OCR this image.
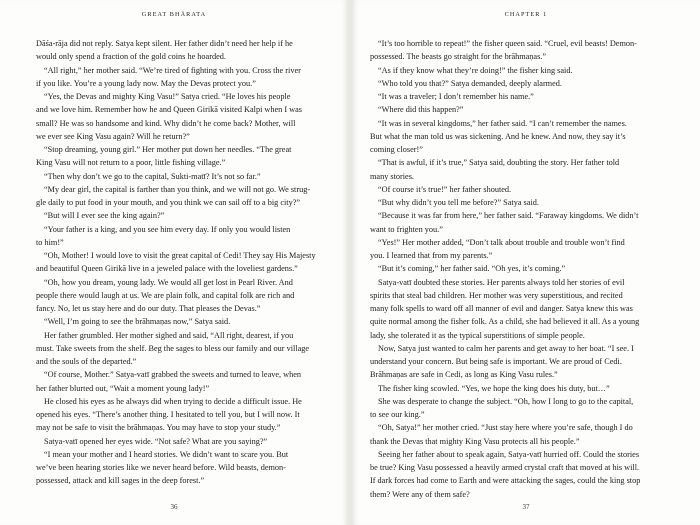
GREAT BHĀRATA
Dāśa-rāja did not reply. Satya kept silent. Her father didn’t need her help if he
would only spend a fraction of the gold coins he hoarded.
“All right,” her mother said. “We’re tired of fighting with you. Cross the river
if you like. You’re a young lady now. May the Devas protect you.”
“Yes, the Devas and mighty King Vasu!” Satya cried. “He loves his people
and we love him. Remember how he and Queen Girikā visited Kalpi when I was
small? He was so handsome and kind. Why didn’t he come back? Mother, will
we ever see King Vasu again? Will he return?”
“Stop dreaming, young girl.” Her mother put down her needles. “The great
King Vasu will not return to a poor, little fishing village.”
“Then why don’t we go to the capital, Sukti-matī? It’s not so far.”
“My dear girl, the capital is farther than you think, and we will not go. We strug-
gle daily to put food in your mouth, and you think we can sail off to a big city?”
“But will I ever see the king again?”
“Your father is a king, and you see him every day. If only you would listen
to him!”
“Oh, Mother! I would love to visit the great capital of Cedi! They say His Majesty
and beautiful Queen Girikā live in a jeweled palace with the loveliest gardens.”
“Oh, how you dream, young lady. We would all get lost in Pearl River. And
people there would laugh at us. We are plain folk, and capital folk are rich and
fancy. No, let us stay here and do our duty. That pleases the Devas.”
“Well, I’m going to see the brāhmaṇas now,” Satya said.
Her father grumbled. Her mother sighed and said, “All right, dearest, if you
must. Take sweets from the shelf. Beg the sages to bless our family and our village
and the souls of the departed.”
“Of course, Mother.” Satya-vatī grabbed the sweets and turned to leave, when
her father blurted out, “Wait a moment young lady!”
He closed his eyes as he always did when trying to decide a difficult issue. He
opened his eyes. “There’s another thing. I hesitated to tell you, but I will now. It
may not be safe to visit the brāhmaṇas. You may have to stop your study.”
Satya-vatī opened her eyes wide. “Not safe? What are you saying?”
“I mean your mother and I heard stories. We didn’t want to scare you. But
we’ve been hearing stories like we never heard before. Wild beasts, demon-
possessed, attack and kill sages in the deep forest.”
36
CHAPTER 1
“It’s too horrible to repeat!” the fisher queen said. “Cruel, evil beasts! Demon-
possessed. The beasts go straight for the brāhmaṇas.”
“As if they know what they’re doing!” the fisher king said.
“Who told you that?” Satya demanded, deeply alarmed.
“It was a traveler; I don’t remember his name.”
“Where did this happen?”
“It was in several kingdoms,” her father said. “I can’t remember the names.
But what the man told us was sickening. And he knew. And now, they say it’s
coming closer!”
“That is awful, if it’s true,” Satya said, doubting the story. Her father told
many stories.
“Of course it’s true!” her father shouted.
“But why didn’t you tell me before?” Satya said.
“Because it was far from here,” her father said. “Faraway kingdoms. We didn’t
want to frighten you.”
“Yes!” Her mother added, “Don’t talk about trouble and trouble won’t find
you. I learned that from my parents.”
“But it’s coming,” her father said. “Oh yes, it’s coming.”
Satya-vatī doubted these stories. Her parents always told her stories of evil
spirits that steal bad children. Her mother was very superstitious, and recited
many folk spells to ward off all manner of evil and danger. Satya knew this was
quite normal among the fisher folk. As a child, she had believed it all. As a young
lady, she tolerated it as the typical superstitions of simple people.
Now, Satya just wanted to calm her parents and get away to her boat. “I see. I
understand your concern. But being safe is important. We are proud of Cedi.
Brāhmaṇas are safe in Cedi, as long as King Vasu rules.”
The fisher king scowled. “Yes, we hope the king does his duty, but…”
She was desperate to change the subject. “Oh, how I long to go to the capital,
to see our king.”
“Oh, Satya!” her mother cried. “Just stay here where you’re safe, though I do
thank the Devas that mighty King Vasu protects all his people.”
Seeing her father about to speak again, Satya-vatī hurried off. Could the stories
be true? King Vasu possessed a heavily armed crystal craft that moved at his will.
If dark forces had come to Earth and were attacking the sages, could the king stop
them? Were any of them safe?
37
